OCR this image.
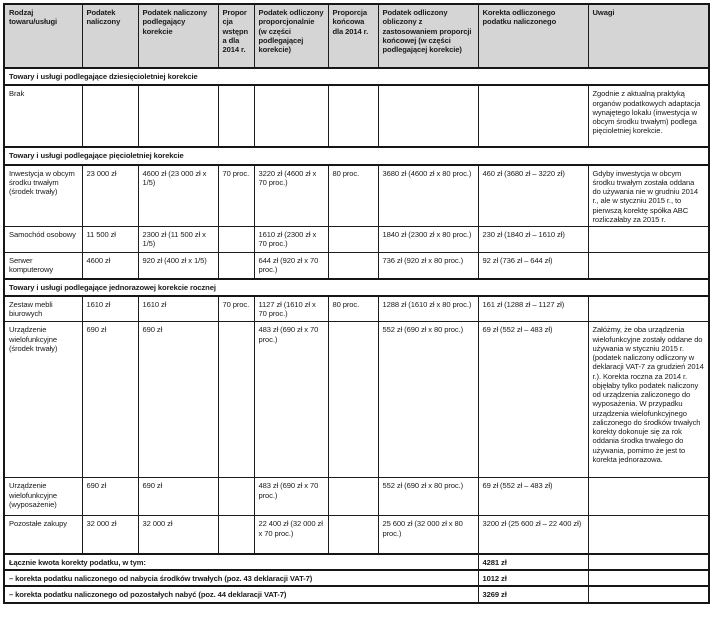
Rodzaj towaru/usługi	Podatek naliczony	Podatek naliczony podlegający korekcie	Proporcja wstępna dla 2014 r.	Podatek odliczony proporcjonalnie (w części podlegającej korekcie)	Proporcja końcowa dla 2014 r.	Podatek odliczony obliczony z zastosowaniem proporcji końcowej (w części podlegającej korekcie)	Korekta odliczonego podatku naliczonego	Uwagi
Towary i usługi podlegające dziesięcioletniej korekcie								
Brak								Zgodnie z aktualną praktyką organów podatkowych adaptacja wynajętego lokalu (inwestycja w obcym środku trwałym) podlega pięcioletniej korekcie.
Towary i usługi podlegające pięcioletniej korekcie								
Inwestycja w obcym środku trwałym (środek trwały)	23 000 zł	4600 zł (23 000 zł x 1/5)	70 proc.	3220 zł (4600 zł x 70 proc.)	80 proc.	3680 zł (4600 zł x 80 proc.)	460 zł (3680 zł – 3220 zł)	Gdyby inwestycja w obcym środku trwałym została oddana do używania nie w grudniu 2014 r., ale w styczniu 2015 r., to pierwszą korektę spółka ABC rozliczałaby za 2015 r.
Samochód osobowy	11 500 zł	2300 zł (11 500 zł x 1/5)		1610 zł (2300 zł x 70 proc.)		1840 zł (2300 zł x 80 proc.)	230 zł (1840 zł – 1610 zł)	
Serwer komputerowy	4600 zł	920 zł (400 zł x 1/5)		644 zł (920 zł x 70 proc.)		736 zł (920 zł x 80 proc.)	92 zł (736 zł – 644 zł)	
Towary i usługi podlegające jednorazowej korekcie rocznej								
Zestaw mebli biurowych	1610 zł	1610 zł	70 proc.	1127 zł (1610 zł x 70 proc.)	80 proc.	1288 zł (1610 zł x 80 proc.)	161 zł (1288 zł – 1127 zł)	
Urządzenie wielofunkcyjne (środek trwały)	690 zł	690 zł		483 zł (690 zł x 70 proc.)		552 zł (690 zł x 80 proc.)	69 zł (552 zł – 483 zł)	Załóżmy, że oba urządzenia wielofunkcyjne zostały oddane do używania w styczniu 2015 r. (podatek naliczony odliczony w deklaracji VAT-7 za grudzień 2014 r.). Korekta roczna za 2014 r. objęłaby tylko podatek naliczony od urządzenia zaliczonego do wyposażenia. W przypadku urządzenia wielofunkcyjnego zaliczonego do środków trwałych korekty dokonuje się za rok oddania środka trwałego do używania, pomimo że jest to korekta jednorazowa.
Urządzenie wielofunkcyjne (wyposażenie)	690 zł	690 zł		483 zł (690 zł x 70 proc.)		552 zł (690 zł x 80 proc.)	69 zł (552 zł – 483 zł)	
Pozostałe zakupy	32 000 zł	32 000 zł		22 400 zł (32 000 zł x 70 proc.)		25 600 zł (32 000 zł x 80 proc.)	3200 zł (25 600 zł – 22 400 zł)	
Łącznie kwota korekty podatku, w tym:							4281 zł	
– korekta podatku naliczonego od nabycia środków trwałych (poz. 43 deklaracji VAT-7)							1012 zł	
– korekta podatku naliczonego od pozostałych nabyć (poz. 44 deklaracji VAT-7)							3269 zł	
